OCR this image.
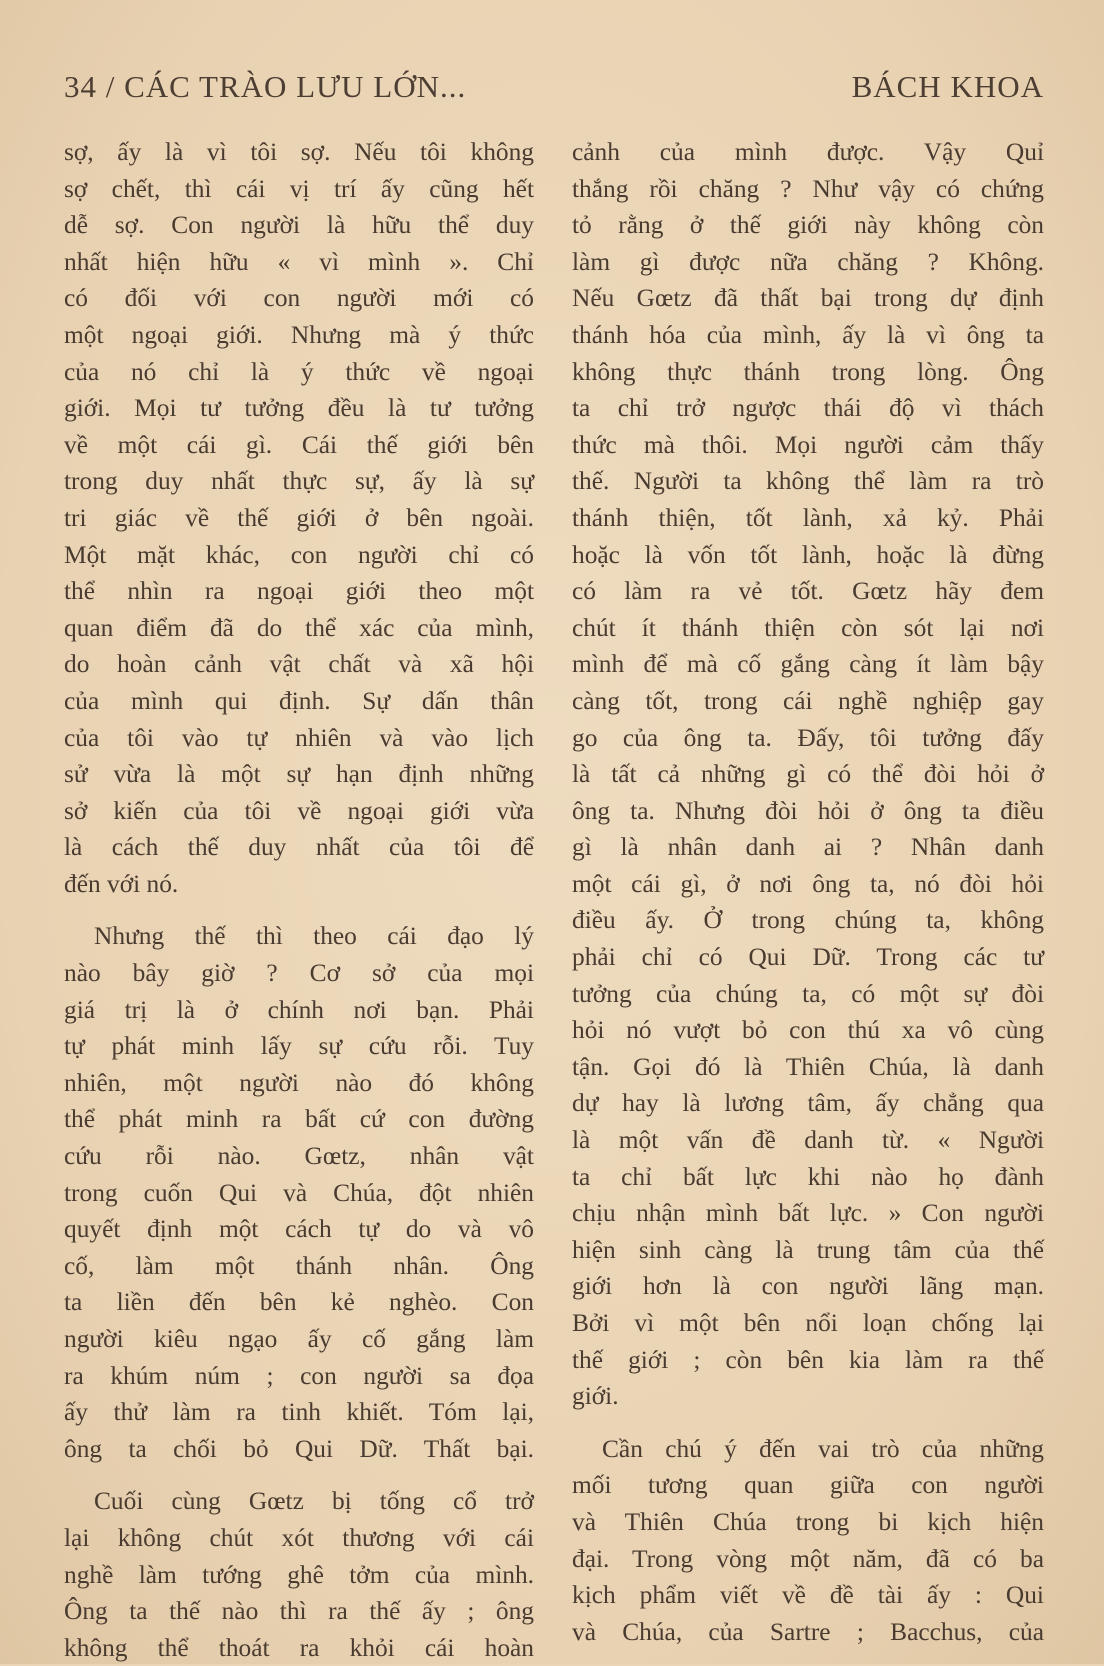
34 / CÁC TRÀO LƯU LỚN...	BÁCH KHOA

sợ, ấy là vì tôi sợ. Nếu tôi không
sợ chết, thì cái vị trí ấy cũng hết
dễ sợ. Con người là hữu thể duy
nhất hiện hữu « vì mình ». Chỉ
có đối với con người mới có
một ngoại giới. Nhưng mà ý thức
của nó chỉ là ý thức về ngoại
giới. Mọi tư tưởng đều là tư tưởng
về một cái gì. Cái thế giới bên
trong duy nhất thực sự, ấy là sự
tri giác về thế giới ở bên ngoài.
Một mặt khác, con người chỉ có
thể nhìn ra ngoại giới theo một
quan điểm đã do thể xác của mình,
do hoàn cảnh vật chất và xã hội
của mình qui định. Sự dấn thân
của tôi vào tự nhiên và vào lịch
sử vừa là một sự hạn định những
sở kiến của tôi về ngoại giới vừa
là cách thế duy nhất của tôi để
đến với nó.

Nhưng thế thì theo cái đạo lý
nào bây giờ ? Cơ sở của mọi
giá trị là ở chính nơi bạn. Phải
tự phát minh lấy sự cứu rỗi. Tuy
nhiên, một người nào đó không
thể phát minh ra bất cứ con đường
cứu rỗi nào. Gœtz, nhân vật
trong cuốn Qui và Chúa, đột nhiên
quyết định một cách tự do và vô
cố, làm một thánh nhân. Ông
ta liền đến bên kẻ nghèo. Con
người kiêu ngạo ấy cố gắng làm
ra khúm núm ; con người sa đọa
ấy thử làm ra tinh khiết. Tóm lại,
ông ta chối bỏ Qui Dữ. Thất bại.

Cuối cùng Gœtz bị tống cổ trở
lại không chút xót thương với cái
nghề làm tướng ghê tởm của mình.
Ông ta thế nào thì ra thế ấy ; ông
không thể thoát ra khỏi cái hoàn

cảnh của mình được. Vậy Quỉ
thắng rồi chăng ? Như vậy có chứng
tỏ rằng ở thế giới này không còn
làm gì được nữa chăng ? Không.
Nếu Gœtz đã thất bại trong dự định
thánh hóa của mình, ấy là vì ông ta
không thực thánh trong lòng. Ông
ta chỉ trở ngược thái độ vì thách
thức mà thôi. Mọi người cảm thấy
thế. Người ta không thể làm ra trò
thánh thiện, tốt lành, xả kỷ. Phải
hoặc là vốn tốt lành, hoặc là đừng
có làm ra vẻ tốt. Gœtz hãy đem
chút ít thánh thiện còn sót lại nơi
mình để mà cố gắng càng ít làm bậy
càng tốt, trong cái nghề nghiệp gay
go của ông ta. Đấy, tôi tưởng đấy
là tất cả những gì có thể đòi hỏi ở
ông ta. Nhưng đòi hỏi ở ông ta điều
gì là nhân danh ai ? Nhân danh
một cái gì, ở nơi ông ta, nó đòi hỏi
điều ấy. Ở trong chúng ta, không
phải chỉ có Qui Dữ. Trong các tư
tưởng của chúng ta, có một sự đòi
hỏi nó vượt bỏ con thú xa vô cùng
tận. Gọi đó là Thiên Chúa, là danh
dự hay là lương tâm, ấy chẳng qua
là một vấn đề danh từ. « Người
ta chỉ bất lực khi nào họ đành
chịu nhận mình bất lực. » Con người
hiện sinh càng là trung tâm của thế
giới hơn là con người lãng mạn.
Bởi vì một bên nổi loạn chống lại
thế giới ; còn bên kia làm ra thế
giới.

Cần chú ý đến vai trò của những
mối tương quan giữa con người
và Thiên Chúa trong bi kịch hiện
đại. Trong vòng một năm, đã có ba
kịch phẩm viết về đề tài ấy : Qui
và Chúa, của Sartre ; Bacchus, của
